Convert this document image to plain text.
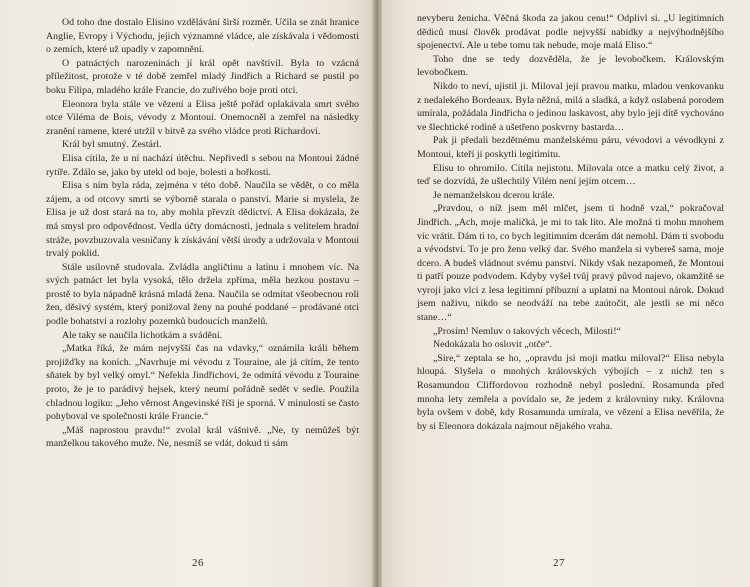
Od toho dne dostalo Elisino vzdělávání širší rozměr. Učila se znát hranice Anglie, Evropy i Východu, jejich významné vládce, ale získávala i vědomosti o zemích, které už upadly v zapomnění.

O patnáctých narozeninách jí král opět navštívil. Byla to vzácná příležitost, protože v té době zemřel mladý Jindřich a Richard se pustil po boku Filipa, mladého krále Francie, do zuřivého boje proti otci.

Eleonora byla stále ve vězení a Elisa ještě pořád oplakávala smrt svého otce Viléma de Bois, vévody z Montoui. Onemocněl a zemřel na následky zranění ramene, které utržil v bitvě za svého vládce proti Richardovi.

Král byl smutný. Zestárl.

Elisa cítila, že u ní nachází útěchu. Nepřivedl s sebou na Montoui žádné rytíře. Zdálo se, jako by utekl od boje, bolesti a hořkosti.

Elisa s ním byla ráda, zejména v této době. Naučila se vědět, o co měla zájem, a od otcovy smrti se výborně starala o panství. Marie si myslela, že Elisa je už dost stará na to, aby mohla převzít dědictví. A Elisa dokázala, že má smysl pro odpovědnost. Vedla účty domácnosti, jednala s velitelem hradní stráže, povzbuzovala vesničany k získávání větší úrody a udržovala v Montoui trvalý poklid.

Stále usilovně studovala. Zvládla angličtinu a latinu i mnohem víc. Na svých patnáct let byla vysoká, tělo držela zpříma, měla hezkou postavu – prostě to byla nápadně krásná mladá žena. Naučila se odmítat všeobecnou roli žen, děsivý systém, který ponižoval ženy na pouhé poddané – prodávané otci podle bohatství a rozlohy pozemků budoucích manželů.

Ale taky se naučila lichotkám a svádění.

„Matka říká, že mám nejvyšší čas na vdavky,“ oznámila králi během projížďky na koních. „Navrhuje mi vévodu z Touraine, ale já cítím, že tento sňatek by byl velký omyl.“ Nefekla Jindřichovi, že odmítá vévodu z Touraine proto, že je to parádivý hejsek, který neumí pořádně sedět v sedle. Použila chladnou logiku: „Jeho věrnost Angevinské říši je sporná. V minulosti se často pohyboval ve společnosti krále Francie.“

„Máš naprostou pravdu!“ zvolal král vášnivě. „Ne, ty nemůžeš být manželkou takového muže. Ne, nesmíš se vdát, dokud ti sám

26

nevyberu ženicha. Věčná škoda za jakou cenu!“ Odplivl si. „U legitimních dědiců musí člověk prodávat podle nejvyšší nabídky a nejvýhodnějšího spojenectví. Ale u tebe tomu tak nebude, moje malá Eliso.“

Toho dne se tedy dozvěděla, že je levobočkem. Královským levobočkem.

Nikdo to neví, ujistil ji. Miloval její pravou matku, mladou venkovanku z nedalekého Bordeaux. Byla něžná, milá a sladká, a když oslabená porodem umírala, požádala Jindřicha o jedinou laskavost, aby bylo její dítě vychováno ve šlechtické rodině a ušetřeno poskvrny bastarda…

Pak ji předali bezdětnému manželskému páru, vévodovi a vévodkyni z Montoui, kteří jí poskytli legitimitu.

Elisu to ohromilo. Cítila nejistotu. Milovala otce a matku celý život, a teď se dozvídá, že ušlechtilý Vilém není jejím otcem…

Je nemanželskou dcerou krále.

„Pravdou, o níž jsem měl mlčet, jsem ti hodně vzal,“ pokračoval Jindřich. „Ach, moje maličká, je mi to tak líto. Ale možná ti mohu mnohem víc vrátit. Dám ti to, co bych legitimním dcerám dát nemohl. Dám ti svobodu a vévodství. To je pro ženu velký dar. Svého manžela si vybereš sama, moje dcero. A budeš vládnout svému panství. Nikdy však nezapomeň, že Montoui ti patří pouze podvodem. Kdyby vyšel tvůj pravý původ najevo, okamžitě se vyrojí jako vlci z lesa legitimní příbuzní a uplatní na Montoui nárok. Dokud jsem naživu, nikdo se neodváží na tebe zaútočit, ale jestli se mi něco stane…“

„Prosím! Nemluv o takových věcech, Milosti!“

Nedokázala ho oslovit „otče“.

„Sire,“ zeptala se ho, „opravdu jsi moji matku miloval?“ Elisa nebyla hloupá. Slyšela o mnohých královských výbojích – z nichž ten s Rosamundou Cliffordovou rozhodně nebyl poslední. Rosamunda před mnoha lety zemřela a povídalo se, že jedem z královniny ruky. Královna byla ovšem v době, kdy Rosamunda umírala, ve vězení a Elisa nevěřila, že by si Eleonora dokázala najmout nějakého vraha.

27
